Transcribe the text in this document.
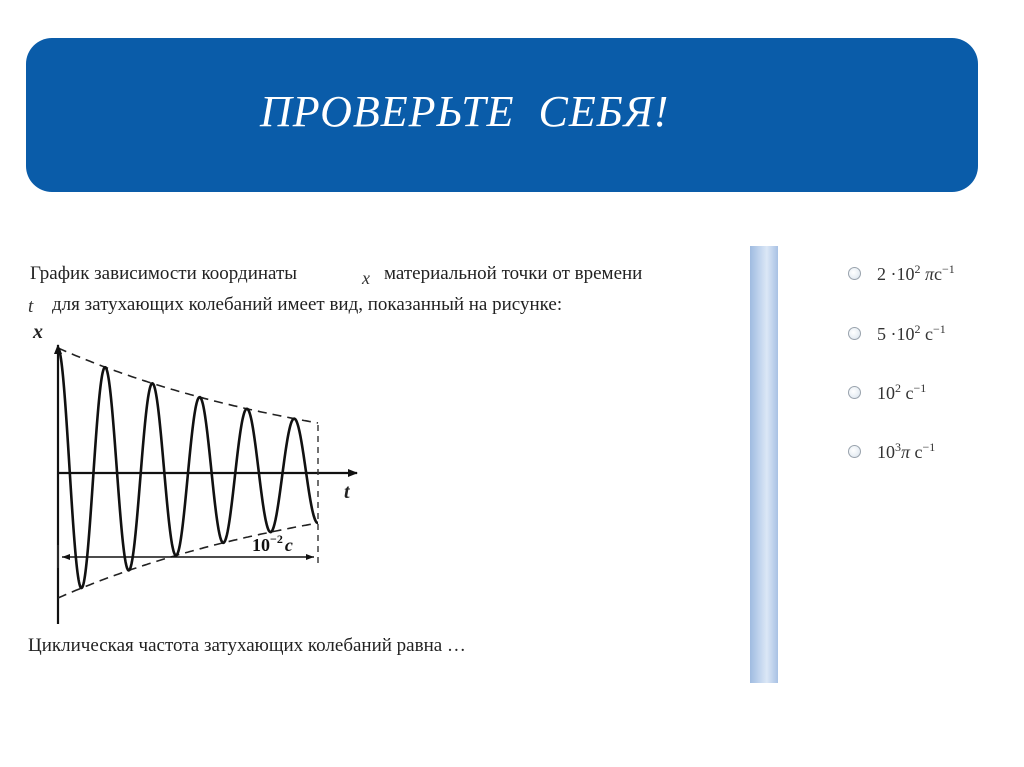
ПРОВЕРЬТЕ  СЕБЯ!
График зависимости координаты	x материальной точки от времени
t для затухающих колебаний имеет вид, показанный на рисунке:
x
t
$10^{-2}$ с
Циклическая частота затухающих колебаний равна …
$2 \cdot 10^2$ $\pi с^{-1}$
$5 \cdot 10^2$ $с^{-1}$
$10^2$ $с^{-1}$
$10^3\pi$ $с^{-1}$
